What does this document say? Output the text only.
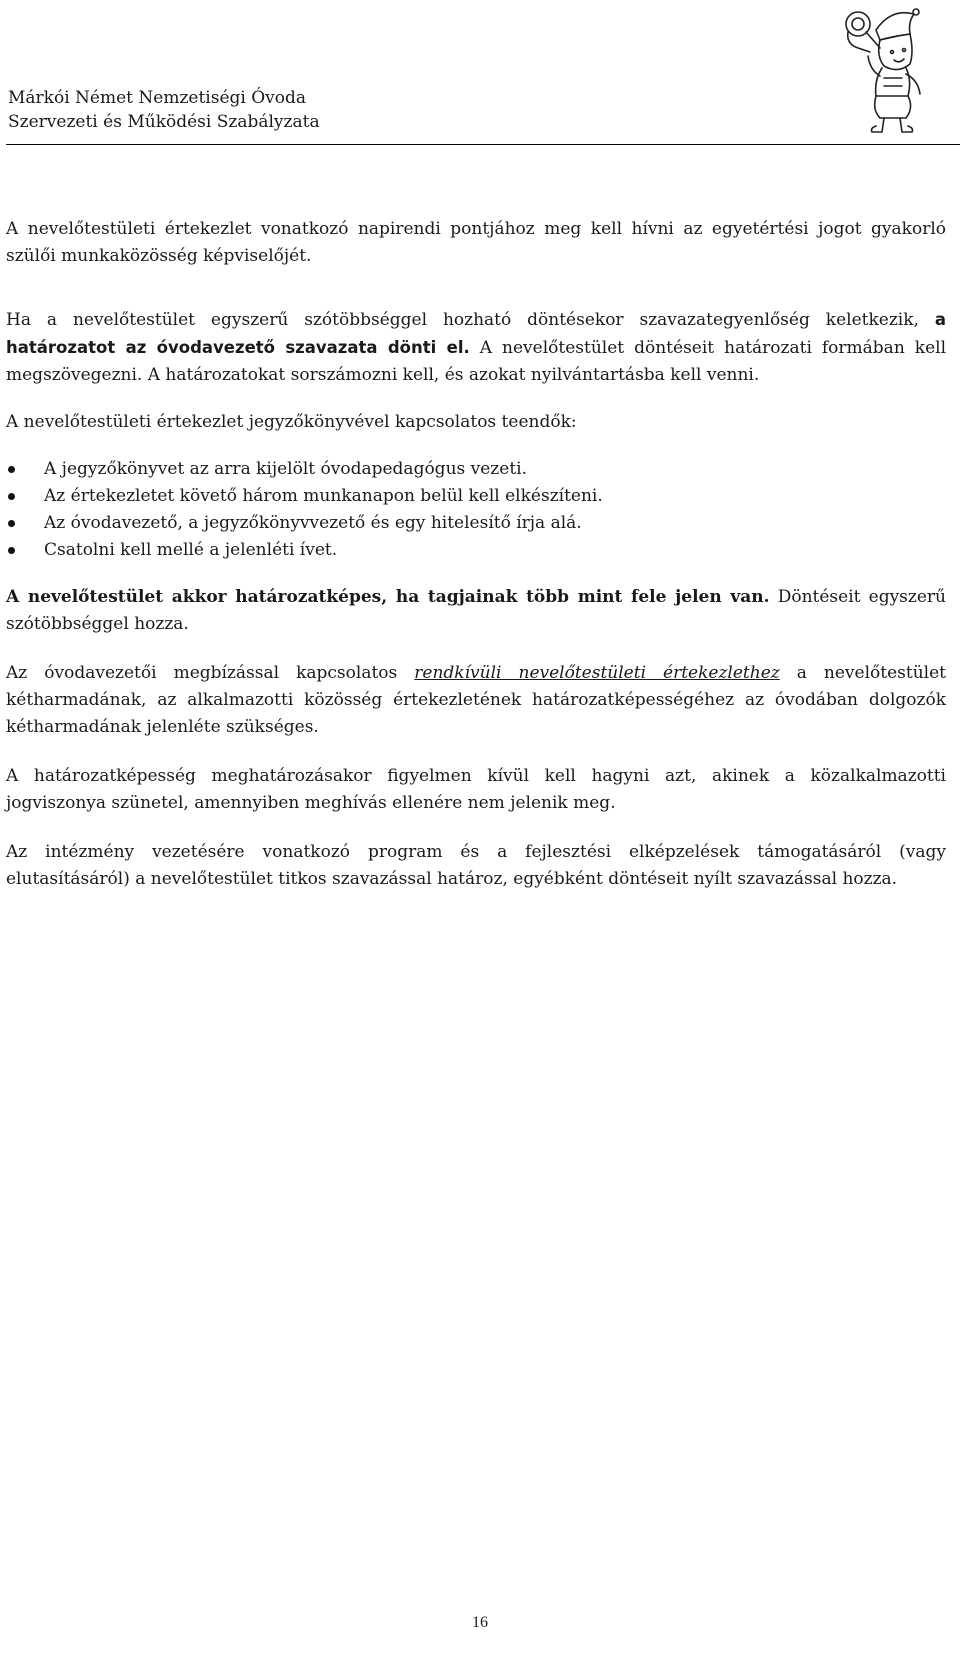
Márkói Német Nemzetiségi Óvoda
Szervezeti és Működési Szabályzata

A nevelőtestületi értekezlet vonatkozó napirendi pontjához meg kell hívni az egyetértési jogot gyakorló szülői munkaközösség képviselőjét.

Ha a nevelőtestület egyszerű szótöbbséggel hozható döntésekor szavazategyenlőség keletkezik, a határozatot az óvodavezető szavazata dönti el. A nevelőtestület döntéseit határozati formában kell megszövegezni. A határozatokat sorszámozni kell, és azokat nyilvántartásba kell venni.

A nevelőtestületi értekezlet jegyzőkönyvével kapcsolatos teendők:

A jegyzőkönyvet az arra kijelölt óvodapedagógus vezeti.
Az értekezletet követő három munkanapon belül kell elkészíteni.
Az óvodavezető, a jegyzőkönyvvezető és egy hitelesítő írja alá.
Csatolni kell mellé a jelenléti ívet.

A nevelőtestület akkor határozatképes, ha tagjainak több mint fele jelen van. Döntéseit egyszerű szótöbbséggel hozza.

Az óvodavezetői megbízással kapcsolatos rendkívüli nevelőtestületi értekezlethez a nevelőtestület kétharmadának, az alkalmazotti közösség értekezletének határozatképességéhez az óvodában dolgozók kétharmadának jelenléte szükséges.

A határozatképesség meghatározásakor figyelmen kívül kell hagyni azt, akinek a közalkalmazotti jogviszonya szünetel, amennyiben meghívás ellenére nem jelenik meg.

Az intézmény vezetésére vonatkozó program és a fejlesztési elképzelések támogatásáról (vagy elutasításáról) a nevelőtestület titkos szavazással határoz, egyébként döntéseit nyílt szavazással hozza.

16
